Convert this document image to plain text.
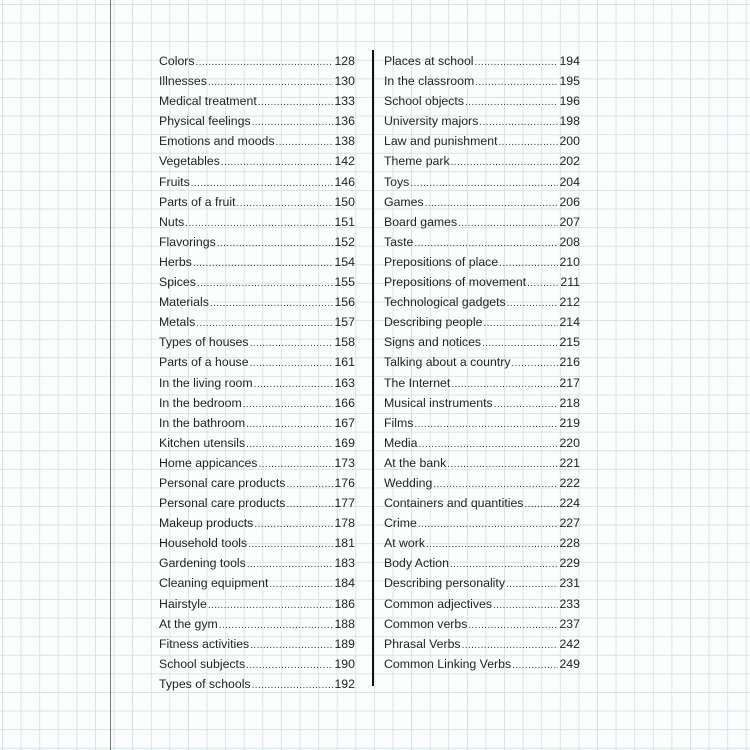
Colors .....	128
Illnesses .....	130
Medical treatment .....	133
Physical feelings .....	136
Emotions and moods .....	138
Vegetables .....	142
Fruits .....	146
Parts of a fruit .....	150
Nuts .....	151
Flavorings .....	152
Herbs .....	154
Spices .....	155
Materials .....	156
Metals .....	157
Types of houses .....	158
Parts of a house .....	161
In the living room .....	163
In the bedroom .....	166
In the bathroom .....	167
Kitchen utensils .....	169
Home appicances .....	173
Personal care products .....	176
Personal care products .....	177
Makeup products .....	178
Household tools .....	181
Gardening tools .....	183
Cleaning equipment .....	184
Hairstyle .....	186
At the gym .....	188
Fitness activities .....	189
School subjects .....	190
Types of schools .....	192
Places at school .....	194
In the classroom .....	195
School objects .....	196
University majors .....	198
Law and punishment .....	200
Theme park .....	202
Toys .....	204
Games .....	206
Board games .....	207
Taste .....	208
Prepositions of place .....	210
Prepositions of movement .....	211
Technological gadgets .....	212
Describing people .....	214
Signs and notices .....	215
Talking about a country .....	216
The Internet .....	217
Musical instruments .....	218
Films .....	219
Media .....	220
At the bank .....	221
Wedding .....	222
Containers and quantities .....	224
Crime .....	227
At work .....	228
Body Action .....	229
Describing personality .....	231
Common adjectives .....	233
Common verbs .....	237
Phrasal Verbs .....	242
Common Linking Verbs .....	249
